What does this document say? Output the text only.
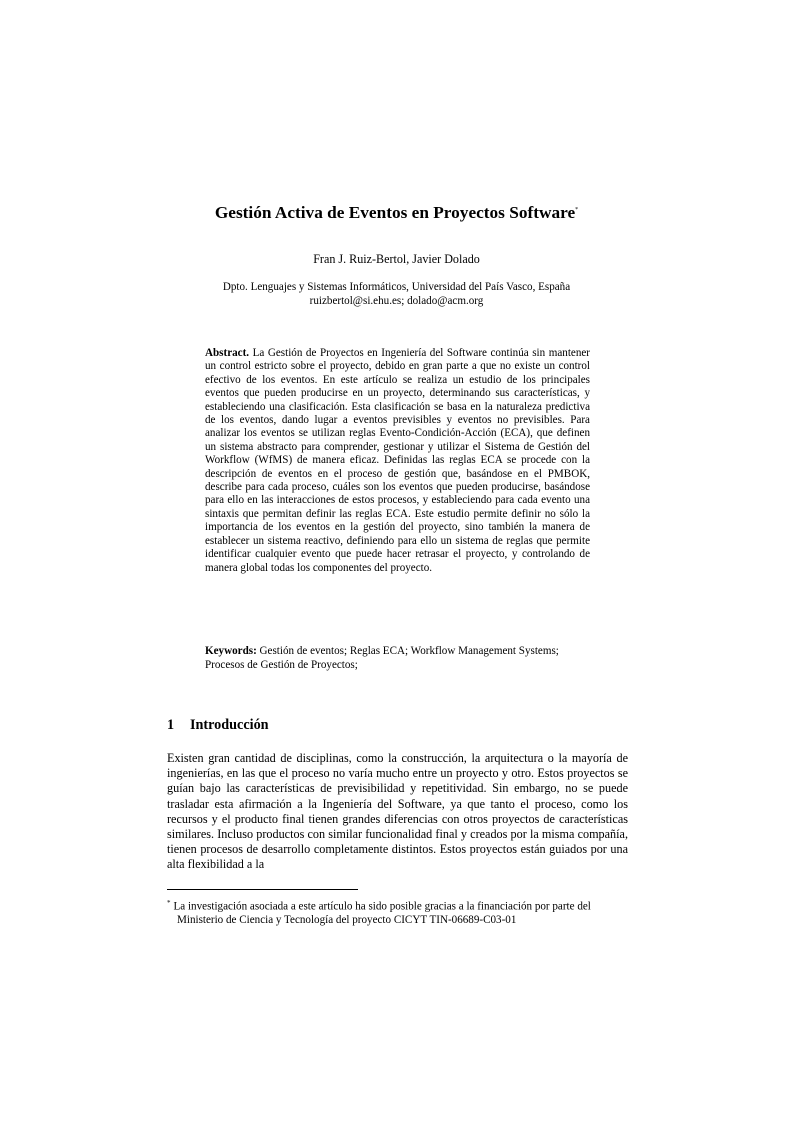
Gestión Activa de Eventos en Proyectos Software*
Fran J. Ruiz-Bertol, Javier Dolado
Dpto. Lenguajes y Sistemas Informáticos, Universidad del País Vasco, España
ruizbertol@si.ehu.es; dolado@acm.org
Abstract. La Gestión de Proyectos en Ingeniería del Software continúa sin mantener un control estricto sobre el proyecto, debido en gran parte a que no existe un control efectivo de los eventos. En este artículo se realiza un estudio de los principales eventos que pueden producirse en un proyecto, determinando sus características, y estableciendo una clasificación. Esta clasificación se basa en la naturaleza predictiva de los eventos, dando lugar a eventos previsibles y eventos no previsibles. Para analizar los eventos se utilizan reglas Evento-Condición-Acción (ECA), que definen un sistema abstracto para comprender, gestionar y utilizar el Sistema de Gestión del Workflow (WfMS) de manera eficaz. Definidas las reglas ECA se procede con la descripción de eventos en el proceso de gestión que, basándose en el PMBOK, describe para cada proceso, cuáles son los eventos que pueden producirse, basándose para ello en las interacciones de estos procesos, y estableciendo para cada evento una sintaxis que permitan definir las reglas ECA. Este estudio permite definir no sólo la importancia de los eventos en la gestión del proyecto, sino también la manera de establecer un sistema reactivo, definiendo para ello un sistema de reglas que permite identificar cualquier evento que puede hacer retrasar el proyecto, y controlando de manera global todas los componentes del proyecto.
Keywords: Gestión de eventos; Reglas ECA; Workflow Management Systems; Procesos de Gestión de Proyectos;
1 Introducción
Existen gran cantidad de disciplinas, como la construcción, la arquitectura o la mayoría de ingenierías, en las que el proceso no varía mucho entre un proyecto y otro. Estos proyectos se guían bajo las características de previsibilidad y repetitividad. Sin embargo, no se puede trasladar esta afirmación a la Ingeniería del Software, ya que tanto el proceso, como los recursos y el producto final tienen grandes diferencias con otros proyectos de características similares. Incluso productos con similar funcionalidad final y creados por la misma compañía, tienen procesos de desarrollo completamente distintos. Estos proyectos están guiados por una alta flexibilidad a la
* La investigación asociada a este artículo ha sido posible gracias a la financiación por parte del
Ministerio de Ciencia y Tecnología del proyecto CICYT TIN-06689-C03-01
